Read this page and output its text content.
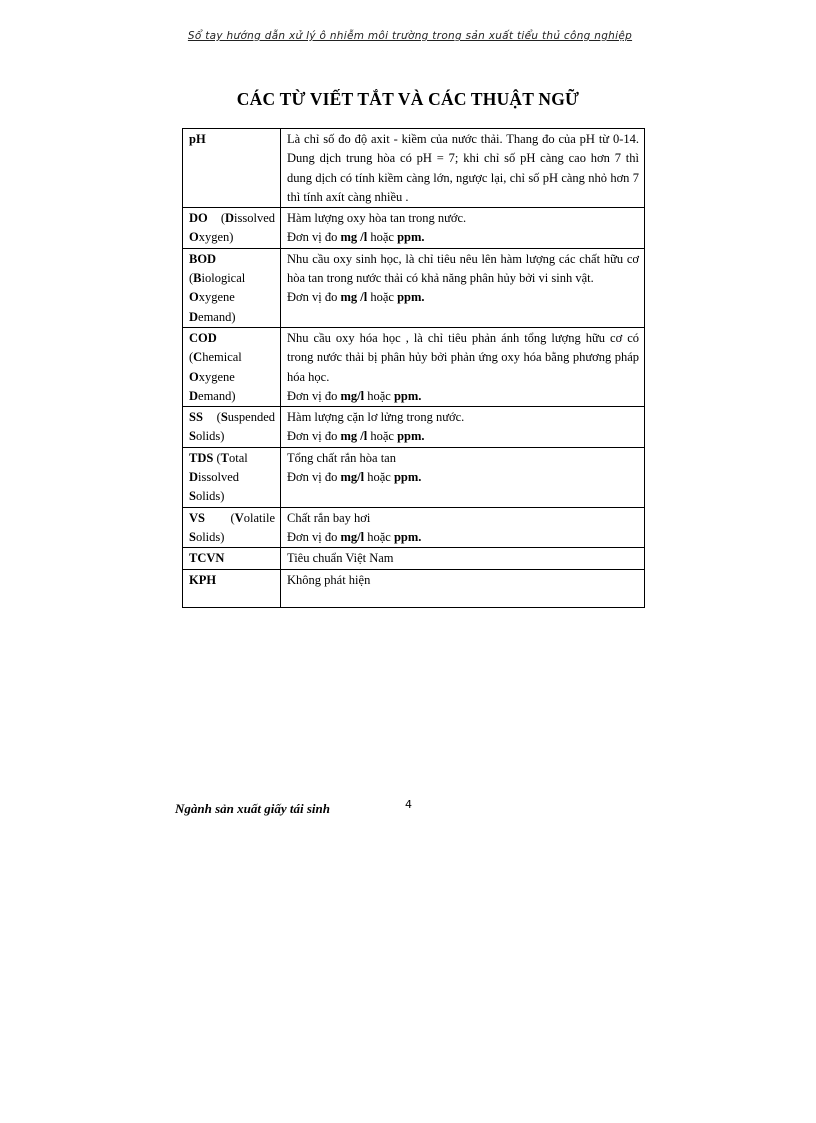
Sổ tay hướng dẫn xử lý ô nhiễm môi trường trong sản xuất tiểu thủ công nghiệp
CÁC TỪ VIẾT TẮT VÀ CÁC THUẬT NGỮ
pH	Là chỉ số đo độ axit - kiềm của nước thải. Thang đo của pH từ 0-14. Dung dịch trung hòa có pH = 7; khi chỉ số pH càng cao hơn 7 thì dung dịch có tính kiềm càng lớn, ngược lại, chỉ số pH càng nhỏ hơn 7 thì tính axít càng nhiều .
DO (Dissolved Oxygen)	Hàm lượng oxy hòa tan trong nước.
Đơn vị đo mg /l hoặc ppm.
BOD
(Biological
Oxygene
Demand)	Nhu cầu oxy sinh học, là chỉ tiêu nêu lên hàm lượng các chất hữu cơ hòa tan trong nước thải có khả năng phân hủy bởi vi sinh vật.
Đơn vị đo mg /l hoặc ppm.
COD
(Chemical
Oxygene
Demand)	Nhu cầu oxy hóa học , là chỉ tiêu phản ánh tổng lượng hữu cơ có trong nước thải bị phân hủy bởi phản ứng oxy hóa bằng phương pháp hóa học.
Đơn vị đo mg/l hoặc ppm.
SS (Suspended Solids)	Hàm lượng cặn lơ lửng trong nước.
Đơn vị đo mg /l hoặc ppm.
TDS (Total
Dissolved
Solids)	Tổng chất rắn hòa tan
Đơn vị đo mg/l hoặc ppm.
VS (Volatile Solids)	Chất rắn bay hơi
Đơn vị đo mg/l hoặc ppm.
TCVN	Tiêu chuẩn Việt Nam
KPH	Không phát hiện
Ngành sản xuất giấy tái sinh	4
